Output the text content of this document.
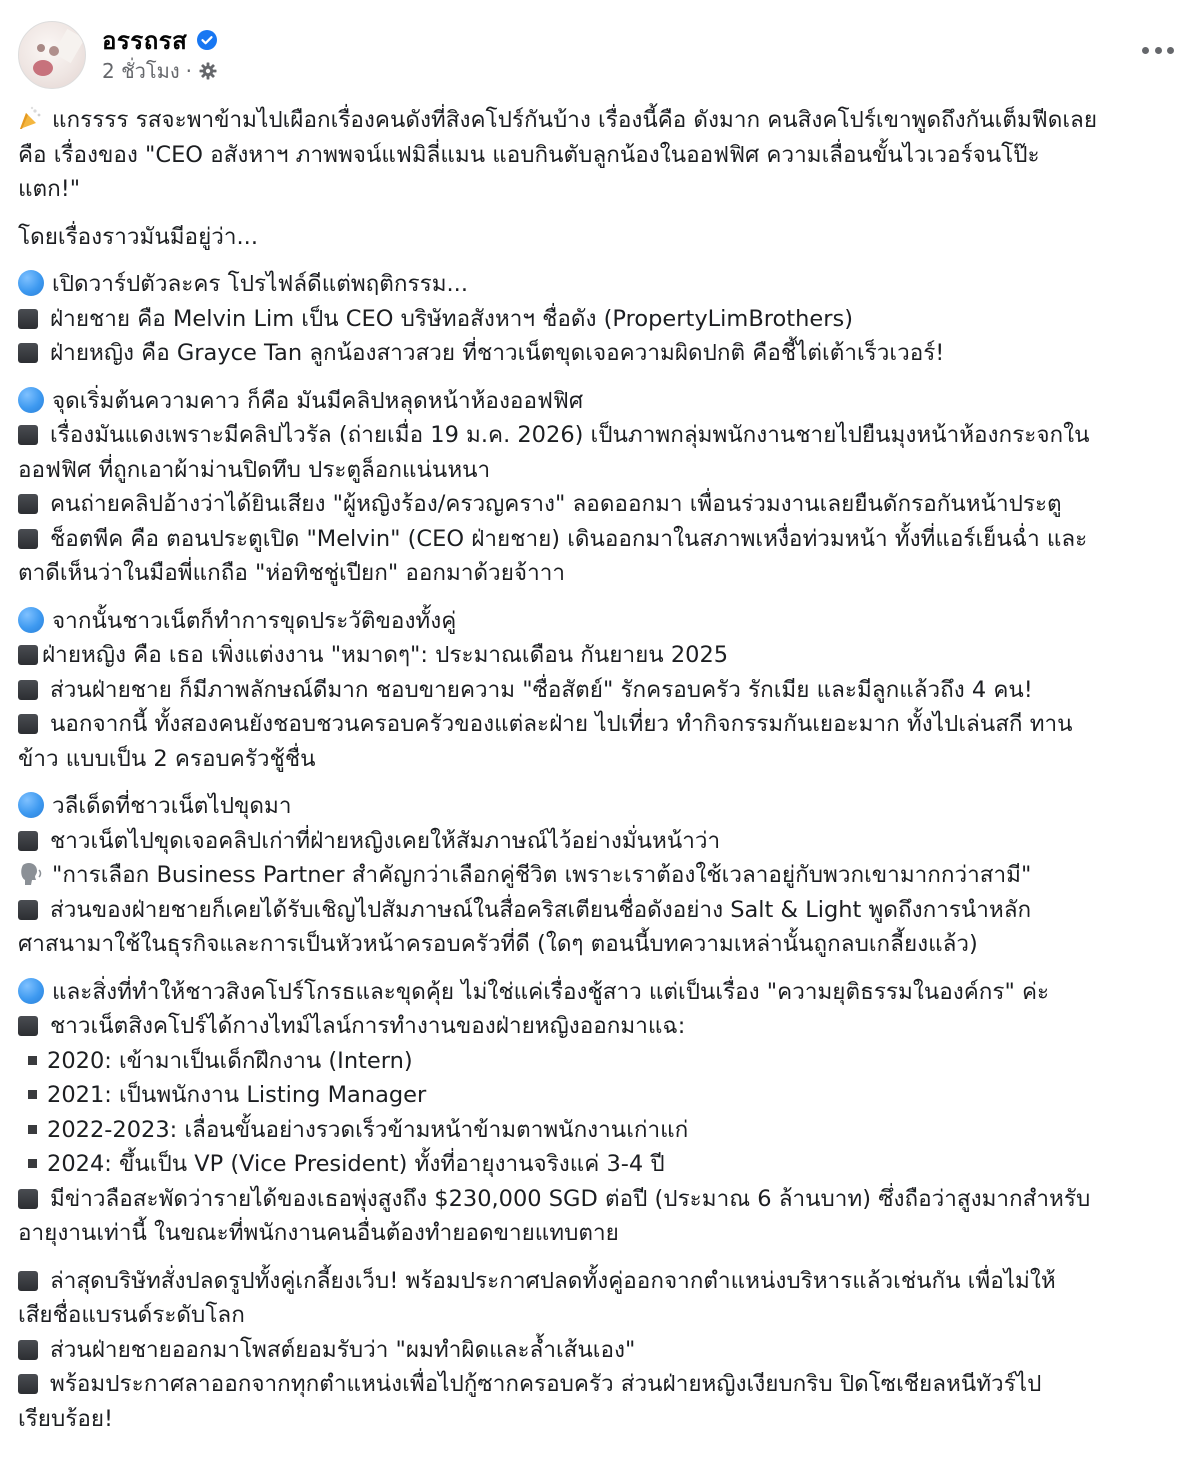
อรรถรส
2 ชั่วโมง ·
แกรรรร รสจะพาข้ามไปเผือกเรื่องคนดังที่สิงคโปร์กันบ้าง เรื่องนี้คือ ดังมาก คนสิงคโปร์เขาพูดถึงกันเต็มฟีดเลย
คือ เรื่องของ "CEO อสังหาฯ ภาพพจน์แฟมิลี่แมน แอบกินตับลูกน้องในออฟฟิศ ความเลื่อนขั้นไวเวอร์จนโป๊ะ
แตก!"
โดยเรื่องราวมันมีอยู่ว่า...
เปิดวาร์ปตัวละคร โปรไฟล์ดีแต่พฤติกรรม...
ฝ่ายชาย คือ Melvin Lim เป็น CEO บริษัทอสังหาฯ ชื่อดัง (PropertyLimBrothers)
ฝ่ายหญิง คือ Grayce Tan ลูกน้องสาวสวย ที่ชาวเน็ตขุดเจอความผิดปกติ คือชี้ไต่เต้าเร็วเวอร์!
จุดเริ่มต้นความคาว ก็คือ มันมีคลิปหลุดหน้าห้องออฟฟิศ
เรื่องมันแดงเพราะมีคลิปไวรัล (ถ่ายเมื่อ 19 ม.ค. 2026) เป็นภาพกลุ่มพนักงานชายไปยืนมุงหน้าห้องกระจกใน
ออฟฟิศ ที่ถูกเอาผ้าม่านปิดทึบ ประตูล็อกแน่นหนา
คนถ่ายคลิปอ้างว่าได้ยินเสียง "ผู้หญิงร้อง/ครวญคราง" ลอดออกมา เพื่อนร่วมงานเลยยืนดักรอกันหน้าประตู
ช็อตพีค คือ ตอนประตูเปิด "Melvin" (CEO ฝ่ายชาย) เดินออกมาในสภาพเหงื่อท่วมหน้า ทั้งที่แอร์เย็นฉ่ำ และ
ตาดีเห็นว่าในมือพี่แกถือ "ห่อทิชชู่เปียก" ออกมาด้วยจ้าาา
จากนั้นชาวเน็ตก็ทำการขุดประวัติของทั้งคู่
ฝ่ายหญิง คือ เธอ เพิ่งแต่งงาน "หมาดๆ": ประมาณเดือน กันยายน 2025
ส่วนฝ่ายชาย ก็มีภาพลักษณ์ดีมาก ชอบขายความ "ซื่อสัตย์" รักครอบครัว รักเมีย และมีลูกแล้วถึง 4 คน!
นอกจากนี้ ทั้งสองคนยังชอบชวนครอบครัวของแต่ละฝ่าย ไปเที่ยว ทำกิจกรรมกันเยอะมาก ทั้งไปเล่นสกี ทาน
ข้าว แบบเป็น 2 ครอบครัวชู้ชื่น
วลีเด็ดที่ชาวเน็ตไปขุดมา
ชาวเน็ตไปขุดเจอคลิปเก่าที่ฝ่ายหญิงเคยให้สัมภาษณ์ไว้อย่างมั่นหน้าว่า
"การเลือก Business Partner สำคัญกว่าเลือกคู่ชีวิต เพราะเราต้องใช้เวลาอยู่กับพวกเขามากกว่าสามี"
ส่วนของฝ่ายชายก็เคยได้รับเชิญไปสัมภาษณ์ในสื่อคริสเตียนชื่อดังอย่าง Salt & Light พูดถึงการนำหลัก
ศาสนามาใช้ในธุรกิจและการเป็นหัวหน้าครอบครัวที่ดี (ใดๆ ตอนนี้บทความเหล่านั้นถูกลบเกลี้ยงแล้ว)
และสิ่งที่ทำให้ชาวสิงคโปร์โกรธและขุดคุ้ย ไม่ใช่แค่เรื่องชู้สาว แต่เป็นเรื่อง "ความยุติธรรมในองค์กร" ค่ะ
ชาวเน็ตสิงคโปร์ได้กางไทม์ไลน์การทำงานของฝ่ายหญิงออกมาแฉ:
2020: เข้ามาเป็นเด็กฝึกงาน (Intern)
2021: เป็นพนักงาน Listing Manager
2022-2023: เลื่อนขั้นอย่างรวดเร็วข้ามหน้าข้ามตาพนักงานเก่าแก่
2024: ขึ้นเป็น VP (Vice President) ทั้งที่อายุงานจริงแค่ 3-4 ปี
มีข่าวลือสะพัดว่ารายได้ของเธอพุ่งสูงถึง $230,000 SGD ต่อปี (ประมาณ 6 ล้านบาท) ซึ่งถือว่าสูงมากสำหรับ
อายุงานเท่านี้ ในขณะที่พนักงานคนอื่นต้องทำยอดขายแทบตาย
ล่าสุดบริษัทสั่งปลดรูปทั้งคู่เกลี้ยงเว็บ! พร้อมประกาศปลดทั้งคู่ออกจากตำแหน่งบริหารแล้วเช่นกัน เพื่อไม่ให้
เสียชื่อแบรนด์ระดับโลก
ส่วนฝ่ายชายออกมาโพสต์ยอมรับว่า "ผมทำผิดและล้ำเส้นเอง"
พร้อมประกาศลาออกจากทุกตำแหน่งเพื่อไปกู้ซากครอบครัว ส่วนฝ่ายหญิงเงียบกริบ ปิดโซเชียลหนีทัวร์ไป
เรียบร้อย!
